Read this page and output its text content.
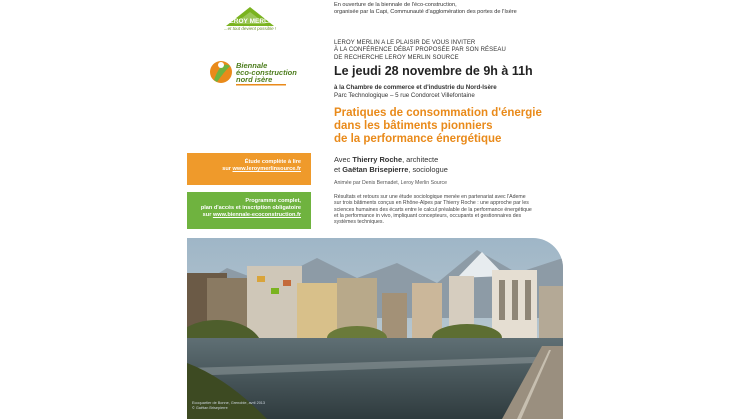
LEROY MERLIN
...et tout devient possible !
Biennale
éco-construction
nord isère
En ouverture de la biennale de l'éco-construction,
organisée par la Capi, Communauté d'agglomération des portes de l'Isère
LEROY MERLIN A LE PLAISIR DE VOUS INVITER
À LA CONFÉRENCE DÉBAT PROPOSÉE PAR SON RÉSEAU
DE RECHERCHE LEROY MERLIN SOURCE
Le jeudi 28 novembre de 9h à 11h
à la Chambre de commerce et d'industrie du Nord-Isère
Parc Technologique – 5 rue Condorcet Villefontaine
Pratiques de consommation d'énergie
dans les bâtiments pionniers
de la performance énergétique
Avec Thierry Roche, architecte
et Gaëtan Brisepierre, sociologue
Animée par Denis Bernadet, Leroy Merlin Source
Résultats et retours sur une étude sociologique menée en partenariat avec l'Ademe
sur trois bâtiments conçus en Rhône-Alpes par Thierry Roche : une approche par les
sciences humaines des écarts entre le calcul préalable de la performance énergétique
et la performance in vivo, impliquant concepteurs, occupants et gestionnaires des
systèmes techniques.
Étude complète à lire
sur www.leroymerlinsource.fr
Programme complet,
plan d'accès et inscription obligatoire
sur www.biennale-ecoconstruction.fr
Ecoquartier de Bonne, Grenoble, avril 2013
© Gaëtan Brisepierre
